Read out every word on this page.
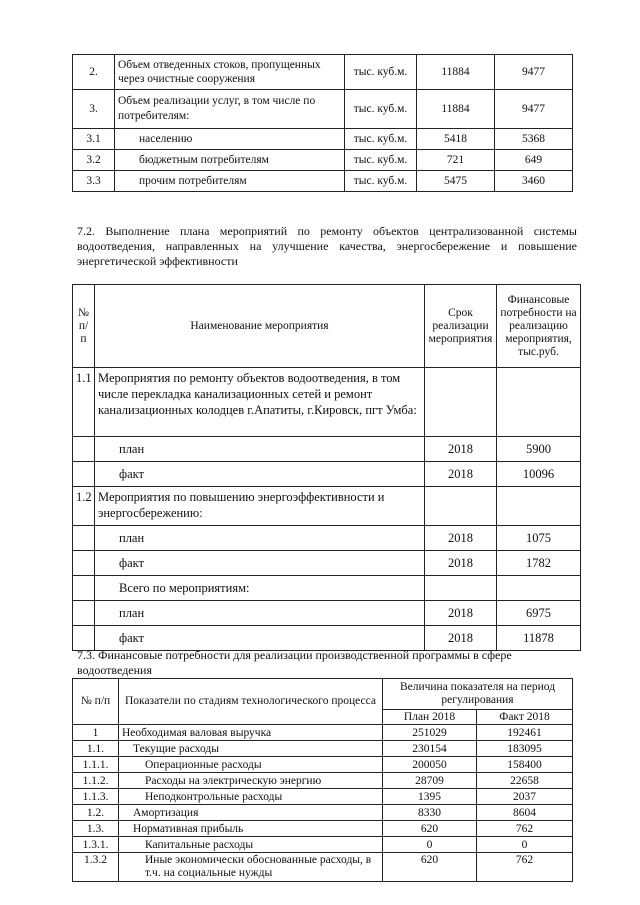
2.	Объем отведенных стоков, пропущенных через очистные сооружения	тыс. куб.м.	11884	9477
3.	Объем реализации услуг, в том числе по потребителям:	тыс. куб.м.	11884	9477
3.1	населению	тыс. куб.м.	5418	5368
3.2	бюджетным потребителям	тыс. куб.м.	721	649
3.3	прочим потребителям	тыс. куб.м.	5475	3460
7.2. Выполнение плана мероприятий по ремонту объектов централизованной системы водоотведения, направленных на улучшение качества, энергосбережение и повышение энергетической эффективности
№ п/п	Наименование мероприятия	Срок реализации мероприятия	Финансовые потребности на реализацию мероприятия, тыс.руб.
1.1	Мероприятия по ремонту объектов водоотведения, в том числе перекладка канализационных сетей и ремонт канализационных колодцев г.Апатиты, г.Кировск, пгт Умба:		
	план	2018	5900
	факт	2018	10096
1.2	Мероприятия по повышению энергоэффективности и энергосбережению:		
	план	2018	1075
	факт	2018	1782
	Всего по мероприятиям:		
	план	2018	6975
	факт	2018	11878
7.3. Финансовые потребности для реализации производственной программы в сфере водоотведения
№ п/п	Показатели по стадиям технологического процесса	Величина показателя на период регулирования	
		План 2018	Факт 2018
1	Необходимая валовая выручка	251029	192461
1.1.	Текущие расходы	230154	183095
1.1.1.	Операционные расходы	200050	158400
1.1.2.	Расходы на электрическую энергию	28709	22658
1.1.3.	Неподконтрольные расходы	1395	2037
1.2.	Амортизация	8330	8604
1.3.	Нормативная прибыль	620	762
1.3.1.	Капитальные расходы	0	0
1.3.2	Иные экономически обоснованные расходы, в т.ч. на социальные нужды	620	762
